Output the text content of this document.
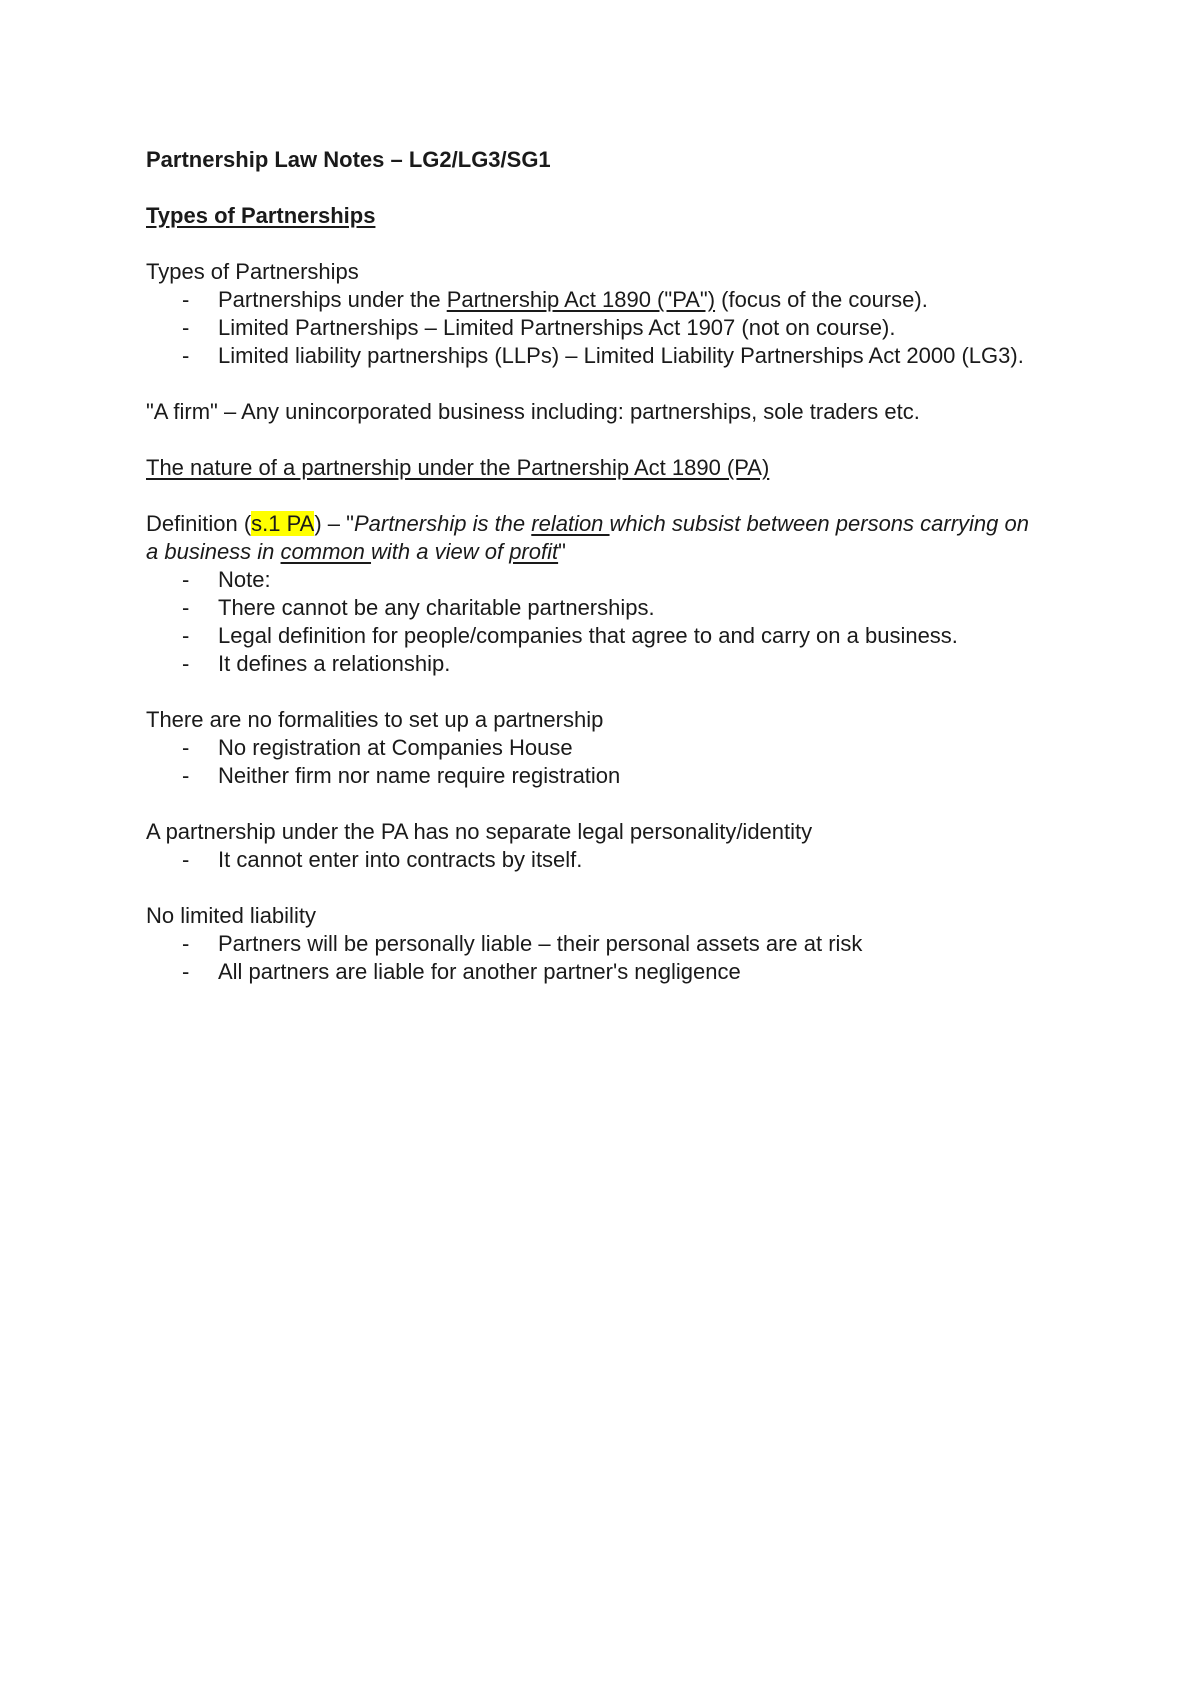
Partnership Law Notes – LG2/LG3/SG1

Types of Partnerships

Types of Partnerships

- Partnerships under the Partnership Act 1890 ("PA") (focus of the course).
- Limited Partnerships – Limited Partnerships Act 1907 (not on course).
- Limited liability partnerships (LLPs) – Limited Liability Partnerships Act 2000 (LG3).

"A firm" – Any unincorporated business including: partnerships, sole traders etc.

The nature of a partnership under the Partnership Act 1890 (PA)

Definition (s.1 PA) – "Partnership is the relation which subsist between persons carrying on a business in common with a view of profit"

- Note:
- There cannot be any charitable partnerships.
- Legal definition for people/companies that agree to and carry on a business.
- It defines a relationship.

There are no formalities to set up a partnership

- No registration at Companies House
- Neither firm nor name require registration

A partnership under the PA has no separate legal personality/identity

- It cannot enter into contracts by itself.

No limited liability

- Partners will be personally liable – their personal assets are at risk
- All partners are liable for another partner's negligence
